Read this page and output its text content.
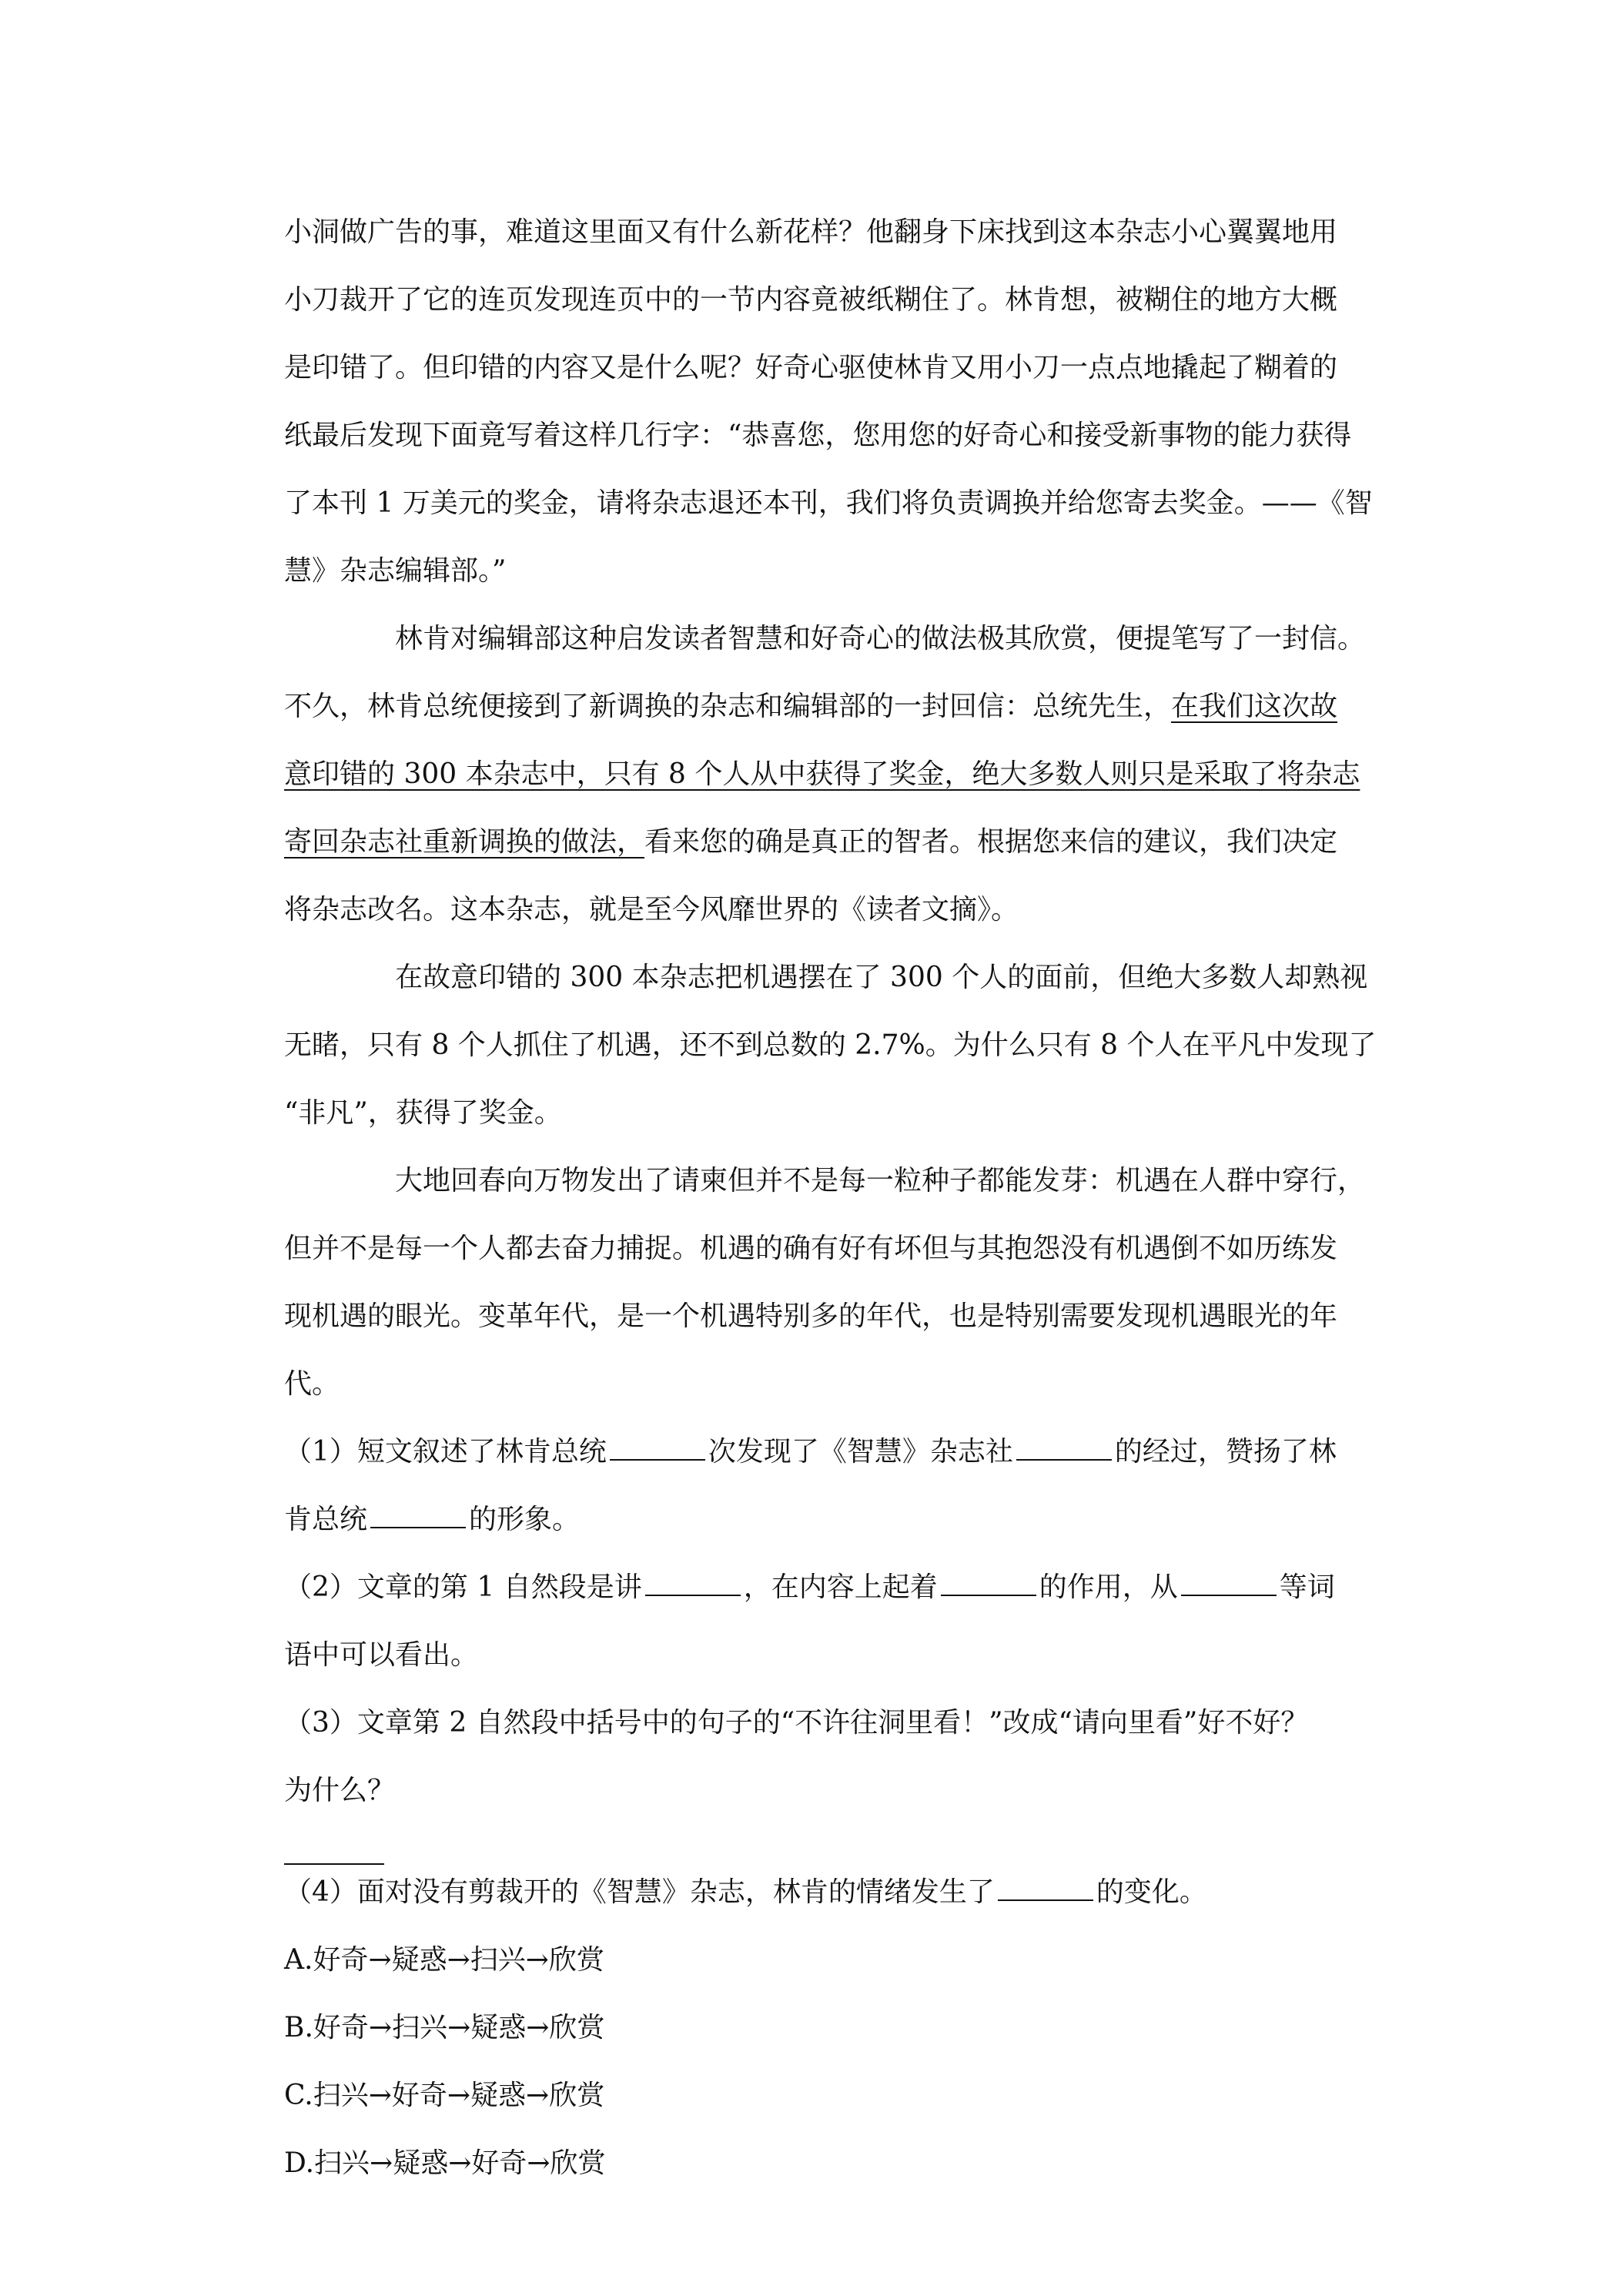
小洞做广告的事，难道这里面又有什么新花样？他翻身下床找到这本杂志小心翼翼地用
小刀裁开了它的连页发现连页中的一节内容竟被纸糊住了。林肯想，被糊住的地方大概
是印错了。但印错的内容又是什么呢？好奇心驱使林肯又用小刀一点点地撬起了糊着的
纸最后发现下面竟写着这样几行字：“恭喜您，您用您的好奇心和接受新事物的能力获得
了本刊 1 万美元的奖金，请将杂志退还本刊，我们将负责调换并给您寄去奖金。——《智
慧》杂志编辑部。”

林肯对编辑部这种启发读者智慧和好奇心的做法极其欣赏，便提笔写了一封信。
不久，林肯总统便接到了新调换的杂志和编辑部的一封回信：总统先生，在我们这次故
意印错的 300 本杂志中，只有 8 个人从中获得了奖金，绝大多数人则只是采取了将杂志
寄回杂志社重新调换的做法，看来您的确是真正的智者。根据您来信的建议，我们决定
将杂志改名。这本杂志，就是至今风靡世界的《读者文摘》。

在故意印错的 300 本杂志把机遇摆在了 300 个人的面前，但绝大多数人却熟视
无睹，只有 8 个人抓住了机遇，还不到总数的 2.7%。为什么只有 8 个人在平凡中发现了
“非凡”，获得了奖金。

大地回春向万物发出了请柬但并不是每一粒种子都能发芽：机遇在人群中穿行，
但并不是每一个人都去奋力捕捉。机遇的确有好有坏但与其抱怨没有机遇倒不如历练发
现机遇的眼光。变革年代，是一个机遇特别多的年代，也是特别需要发现机遇眼光的年
代。

（1）短文叙述了林肯总统	次发现了《智慧》杂志社	的经过，赞扬了林
肯总统	的形象。

（2）文章的第 1 自然段是讲	，在内容上起着	的作用，从	等词
语中可以看出。

（3）文章第 2 自然段中括号中的句子的“不许往洞里看！”改成“请向里看”好不好？
为什么？

（4）面对没有剪裁开的《智慧》杂志，林肯的情绪发生了	的变化。

A.好奇→疑惑→扫兴→欣赏

B.好奇→扫兴→疑惑→欣赏

C.扫兴→好奇→疑惑→欣赏

D.扫兴→疑惑→好奇→欣赏
